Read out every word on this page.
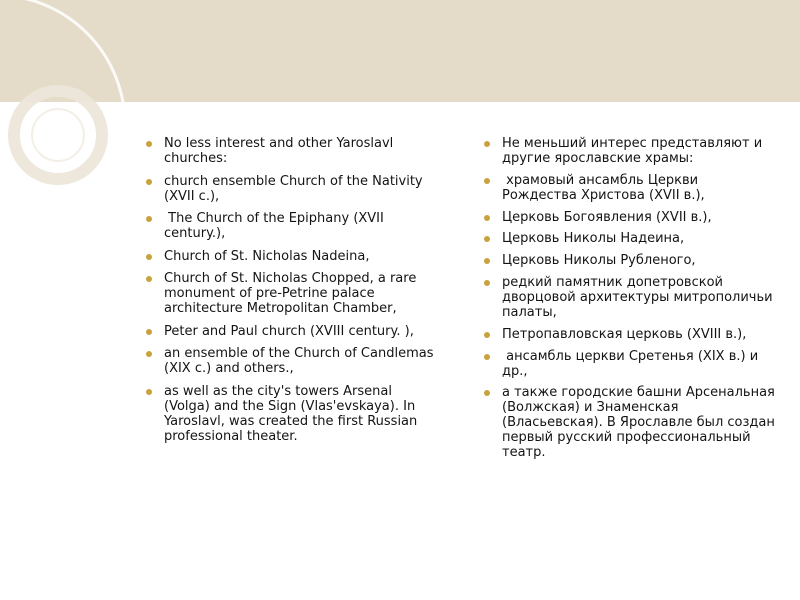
No less interest and other Yaroslavl churches:
church ensemble Church of the Nativity (XVII c.),
The Church of the Epiphany (XVII century.),
Church of St. Nicholas Nadeina,
Church of St. Nicholas Chopped, a rare monument of pre-Petrine palace architecture Metropolitan Chamber,
Peter and Paul church (XVIII century. ),
an ensemble of the Church of Candlemas (XIX c.) and others.,
as well as the city's towers Arsenal (Volga) and the Sign (Vlas'evskaya). In Yaroslavl, was created the first Russian professional theater.
Не меньший интерес представляют и другие ярославские храмы:
храмовый ансамбль Церкви Рождества Христова (XVII в.),
Церковь Богоявления (XVII в.),
Церковь Николы Надеина,
Церковь Николы Рубленого,
редкий памятник допетровской дворцовой архитектуры митрополичьи палаты,
Петропавловская церковь (XVIII в.),
ансамбль церкви Сретенья (XIX в.) и др.,
а также городские башни Арсенальная (Волжская) и Знаменская (Власьевская). В Ярославле был создан первый русский профессиональный театр.
